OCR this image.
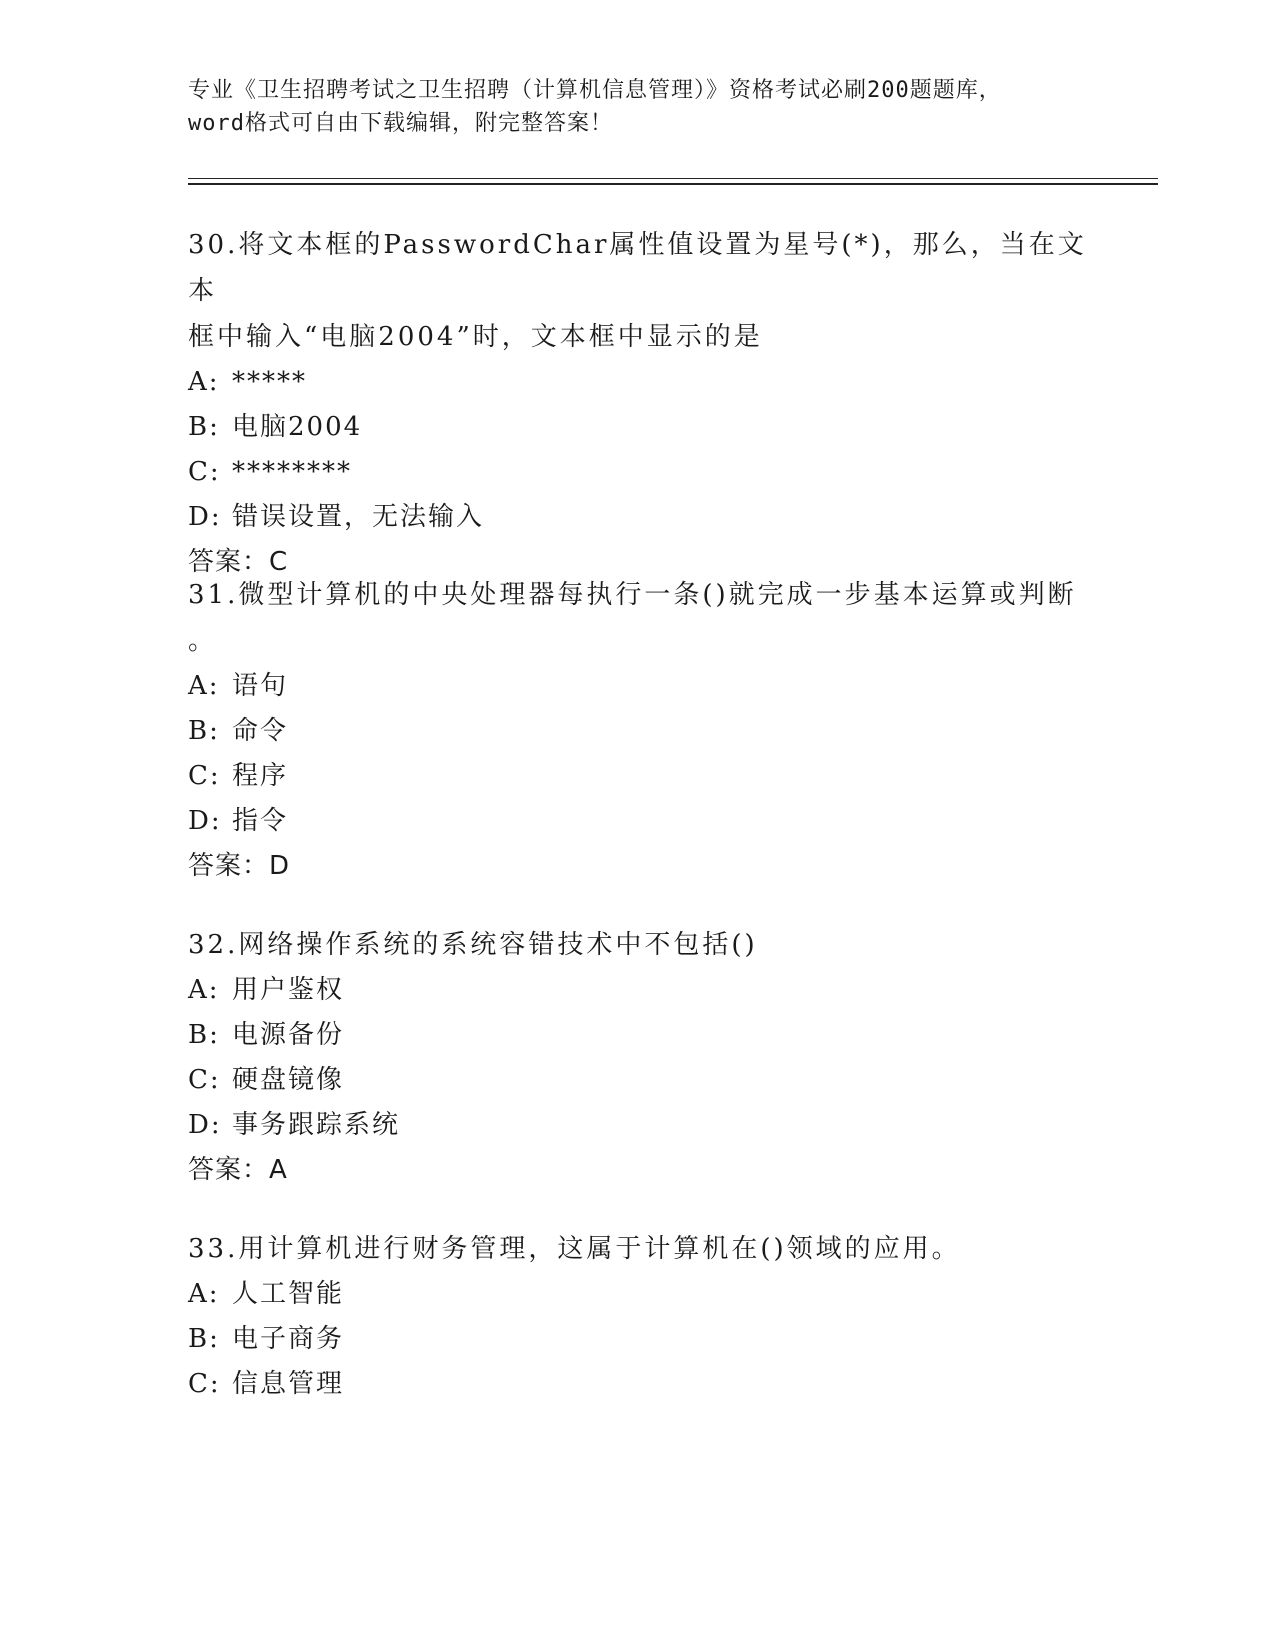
专业《卫生招聘考试之卫生招聘（计算机信息管理）》资格考试必刷200题题库，
word格式可自由下载编辑，附完整答案！
30.将文本框的PasswordChar属性值设置为星号(*)，那么，当在文本
框中输入“电脑2004”时，文本框中显示的是
A: *****
B: 电脑2004
C: ********
D: 错误设置，无法输入
答案：C
31.微型计算机的中央处理器每执行一条()就完成一步基本运算或判断
。
A: 语句
B: 命令
C: 程序
D: 指令
答案：D
32.网络操作系统的系统容错技术中不包括()
A: 用户鉴权
B: 电源备份
C: 硬盘镜像
D: 事务跟踪系统
答案：A
33.用计算机进行财务管理，这属于计算机在()领域的应用。
A: 人工智能
B: 电子商务
C: 信息管理
